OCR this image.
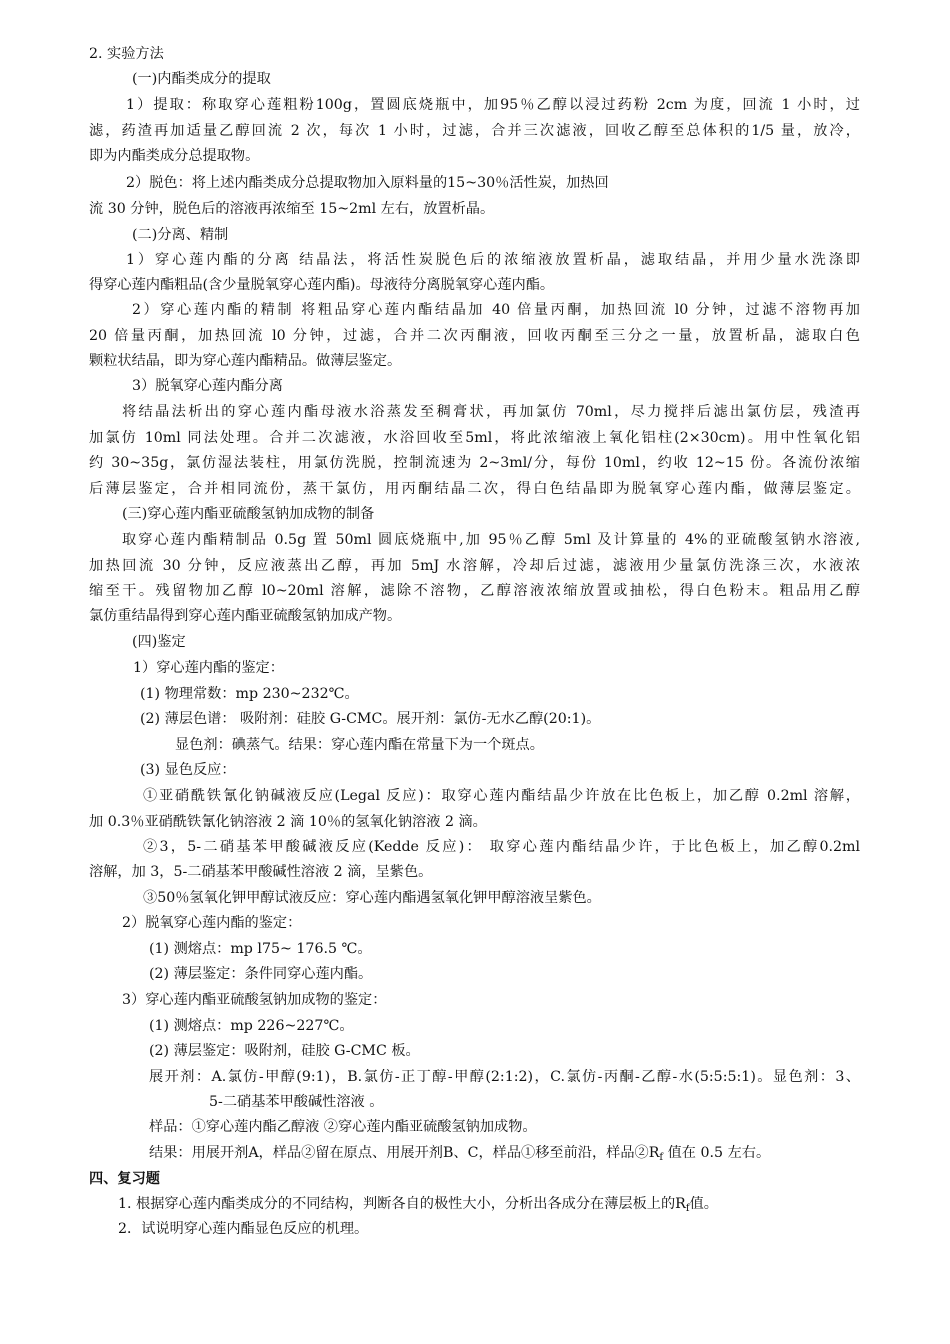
2. 实验方法
(一)内酯类成分的提取
1）提取：称取穿心莲粗粉100g，置圆底烧瓶中，加95％乙醇以浸过药粉 2cm 为度，回流 1 小时，过
滤，药渣再加适量乙醇回流 2 次，每次 1 小时，过滤，合并三次滤液，回收乙醇至总体积的1/5 量，放冷，
即为内酯类成分总提取物。
2）脱色：将上述内酯类成分总提取物加入原料量的15~30％活性炭，加热回
流 30 分钟，脱色后的溶液再浓缩至 15~2ml 左右，放置析晶。
(二)分离、精制
1）穿心莲内酯的分离 结晶法，将活性炭脱色后的浓缩液放置析晶，滤取结晶，并用少量水洗涤即
得穿心莲内酯粗品(含少量脱氧穿心莲内酯)。母液待分离脱氧穿心莲内酯。
2）穿心莲内酯的精制 将粗品穿心莲内酯结晶加 40 倍量丙酮，加热回流 l0 分钟，过滤不溶物再加
20 倍量丙酮，加热回流 l0 分钟，过滤，合并二次丙酮液，回收丙酮至三分之一量，放置析晶，滤取白色
颗粒状结晶，即为穿心莲内酯精品。做薄层鉴定。
3）脱氧穿心莲内酯分离
将结晶法析出的穿心莲内酯母液水浴蒸发至稠膏状，再加氯仿 70ml，尽力搅拌后滤出氯仿层，残渣再
加氯仿 10ml 同法处理。合并二次滤液，水浴回收至5ml，将此浓缩液上氧化铝柱(2×30cm)。用中性氧化铝
约 30~35g，氯仿湿法装柱，用氯仿洗脱，控制流速为 2~3ml/分，每份 10ml，约收 12~15 份。各流份浓缩
后薄层鉴定，合并相同流份，蒸干氯仿，用丙酮结晶二次，得白色结晶即为脱氧穿心莲内酯，做薄层鉴定。
(三)穿心莲内酯亚硫酸氢钠加成物的制备
取穿心莲内酯精制品 0.5g 置 50ml 圆底烧瓶中,加 95％乙醇 5ml 及计算量的 4%的亚硫酸氢钠水溶液,
加热回流 30 分钟，反应液蒸出乙醇，再加 5mJ 水溶解，冷却后过滤，滤液用少量氯仿洗涤三次，水液浓
缩至干。残留物加乙醇 l0~20ml 溶解，滤除不溶物，乙醇溶液浓缩放置或抽松，得白色粉末。粗品用乙醇
氯仿重结晶得到穿心莲内酯亚硫酸氢钠加成产物。
(四)鉴定
1）穿心莲内酯的鉴定：
(1) 物理常数：mp 230~232℃。
(2) 薄层色谱： 吸附剂：硅胶 G-CMC。展开剂：氯仿-无水乙醇(20:1)。
显色剂：碘蒸气。结果：穿心莲内酯在常量下为一个斑点。
(3) 显色反应：
①亚硝酰铁氰化钠碱液反应(Legal 反应)：取穿心莲内酯结晶少许放在比色板上，加乙醇 0.2ml 溶解，
加 0.3％亚硝酰铁氰化钠溶液 2 滴 10％的氢氧化钠溶液 2 滴。
②3，5-二硝基苯甲酸碱液反应(Kedde 反应)： 取穿心莲内酯结晶少许，于比色板上，加乙醇0.2ml
溶解，加 3，5-二硝基苯甲酸碱性溶液 2 滴，呈紫色。
③50％氢氧化钾甲醇试液反应：穿心莲内酯遇氢氧化钾甲醇溶液呈紫色。
2）脱氧穿心莲内酯的鉴定：
(1) 测熔点：mp l75~ 176.5 ℃。
(2) 薄层鉴定：条件同穿心莲内酯。
3）穿心莲内酯亚硫酸氢钠加成物的鉴定：
(1) 测熔点：mp 226~227℃。
(2) 薄层鉴定：吸附剂，硅胶 G-CMC 板。
展开剂：A.氯仿-甲醇(9:1)，B.氯仿-正丁醇-甲醇(2:1:2)，C.氯仿-丙酮-乙醇-水(5:5:5:1)。显色剂：3、
5-二硝基苯甲酸碱性溶液 。
样品：①穿心莲内酯乙醇液 ②穿心莲内酯亚硫酸氢钠加成物。
结果：用展开剂A，样品②留在原点、用展开剂B、C，样品①移至前沿，样品$②R_f$ 值在 0.5 左右。
四、复习题
1. 根据穿心莲内酯类成分的不同结构，判断各自的极性大小，分析出各成分在薄层板上的$R_f$值。
2．试说明穿心莲内酯显色反应的机理。
